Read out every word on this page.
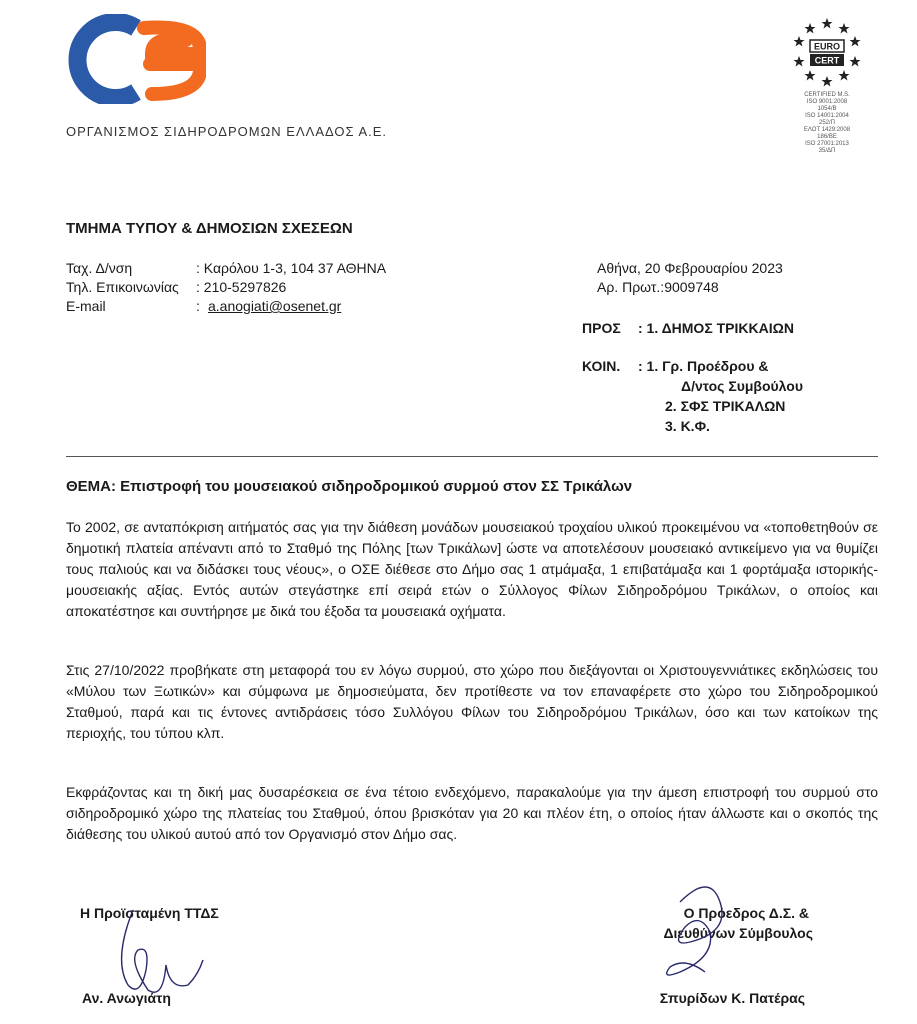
ΟΡΓΑΝΙΣΜΟΣ ΣΙΔΗΡΟΔΡΟΜΩΝ ΕΛΛΑΔΟΣ Α.Ε.
EURO
CERT
CERTIFIED M.S.
ISO 9001:2008
1054/Β
ISO 14001:2004
252/Π
ΕΛΟΤ 1429:2008
186/ΒΕ
ISO 27001:2013
35/ΔΠ
ΤΜΗΜΑ ΤΥΠΟΥ & ΔΗΜΟΣΙΩΝ ΣΧΕΣΕΩΝ
Ταχ. Δ/νση	: Καρόλου 1-3, 104 37 ΑΘΗΝΑ
Τηλ. Επικοινωνίας : 210-5297826
E-mail	: a.anogiati@osenet.gr
Αθήνα, 20 Φεβρουαρίου 2023
Αρ. Πρωτ.:9009748
ΠΡΟΣ : 1. ΔΗΜΟΣ ΤΡΙΚΚΑΙΩΝ
ΚΟΙΝ. : 1. Γρ. Προέδρου &
Δ/ντος Συμβούλου
2. ΣΦΣ ΤΡΙΚΑΛΩΝ
3. Κ.Φ.
ΘΕΜΑ: Επιστροφή του μουσειακού σιδηροδρομικού συρμού στον ΣΣ Τρικάλων
Το 2002, σε ανταπόκριση αιτήματός σας για την διάθεση μονάδων μουσειακού τροχαίου υλικού προκειμένου να «τοποθετηθούν σε δημοτική πλατεία απέναντι από το Σταθμό της Πόλης [των Τρικάλων] ώστε να αποτελέσουν μουσειακό αντικείμενο για να θυμίζει τους παλιούς και να διδάσκει τους νέους», ο ΟΣΕ διέθεσε στο Δήμο σας 1 ατμάμαξα, 1 επιβατάμαξα και 1 φορτάμαξα ιστορικής-μουσειακής αξίας. Εντός αυτών στεγάστηκε επί σειρά ετών ο Σύλλογος Φίλων Σιδηροδρόμου Τρικάλων, ο οποίος και αποκατέστησε και συντήρησε με δικά του έξοδα τα μουσειακά οχήματα.
Στις 27/10/2022 προβήκατε στη μεταφορά του εν λόγω συρμού, στο χώρο που διεξάγονται οι Χριστουγεννιάτικες εκδηλώσεις του «Μύλου των Ξωτικών» και σύμφωνα με δημοσιεύματα, δεν προτίθεστε να τον επαναφέρετε στο χώρο του Σιδηροδρομικού Σταθμού, παρά και τις έντονες αντιδράσεις τόσο Συλλόγου Φίλων του Σιδηροδρόμου Τρικάλων, όσο και των κατοίκων της περιοχής, του τύπου κλπ.
Εκφράζοντας και τη δική μας δυσαρέσκεια σε ένα τέτοιο ενδεχόμενο, παρακαλούμε για την άμεση επιστροφή του συρμού στο σιδηροδρομικό χώρο της πλατείας του Σταθμού, όπου βρισκόταν για 20 και πλέον έτη, ο οποίος ήταν άλλωστε και ο σκοπός της διάθεσης του υλικού αυτού από τον Οργανισμό στον Δήμο σας.
Η Προϊσταμένη ΤΤΔΣ
Αν. Ανωγιάτη
Ο Πρόεδρος Δ.Σ. &
Διευθύνων Σύμβουλος
Σπυρίδων Κ. Πατέρας
